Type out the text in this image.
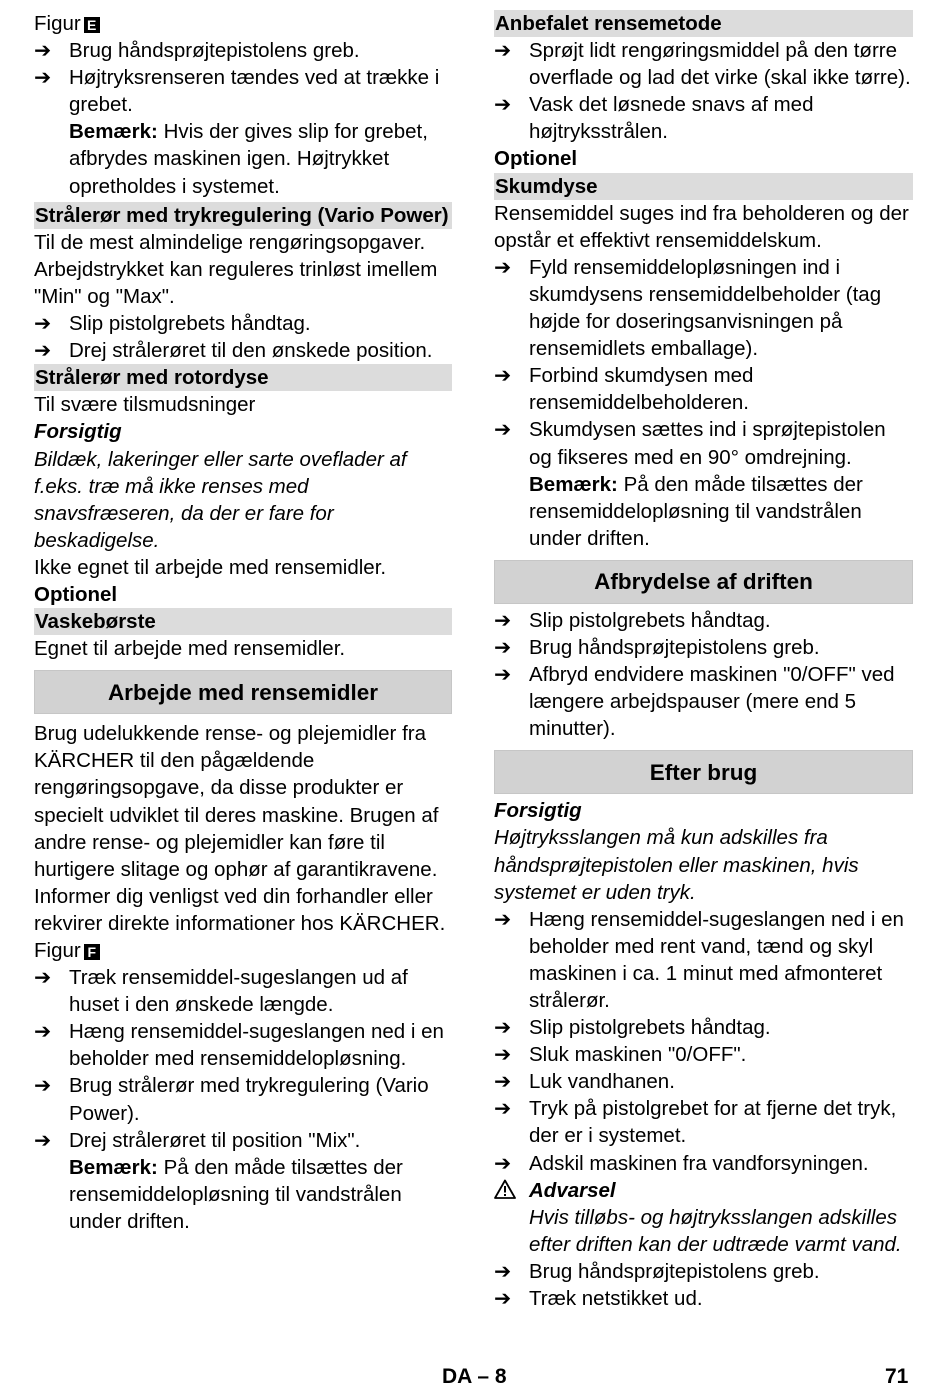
Figur E

➔ Brug håndsprøjtepistolens greb.

➔ Højtryksrenseren tændes ved at trække i grebet.

Bemærk: Hvis der gives slip for grebet, afbrydes maskinen igen. Højtrykket opretholdes i systemet.

Strålerør med trykregulering (Vario Power)

Til de mest almindelige rengøringsopgaver. Arbejdstrykket kan reguleres trinløst imellem "Min" og "Max".

➔ Slip pistolgrebets håndtag.

➔ Drej strålerøret til den ønskede position.

Strålerør med rotordyse

Til svære tilsmudsninger

Forsigtig

Bildæk, lakeringer eller sarte oveflader af f.eks. træ må ikke renses med snavsfræseren, da der er fare for beskadigelse.

Ikke egnet til arbejde med rensemidler.

Optionel

Vaskebørste

Egnet til arbejde med rensemidler.

Arbejde med rensemidler

Brug udelukkende rense- og plejemidler fra KÄRCHER til den pågældende rengøringsopgave, da disse produkter er specielt udviklet til deres maskine. Brugen af andre rense- og plejemidler kan føre til hurtigere slitage og ophør af garantikravene. Informer dig venligst ved din forhandler eller rekvirer direkte informationer hos KÄRCHER.

Figur F

➔ Træk rensemiddel-sugeslangen ud af huset i den ønskede længde.

➔ Hæng rensemiddel-sugeslangen ned i en beholder med rensemiddelopløsning.

➔ Brug strålerør med trykregulering (Vario Power).

➔ Drej strålerøret til position "Mix".

Bemærk: På den måde tilsættes der rensemiddelopløsning til vandstrålen under driften.

Anbefalet rensemetode

➔ Sprøjt lidt rengøringsmiddel på den tørre overflade og lad det virke (skal ikke tørre).

➔ Vask det løsnede snavs af med højtryksstrålen.

Optionel

Skumdyse

Rensemiddel suges ind fra beholderen og der opstår et effektivt rensemiddelskum.

➔ Fyld rensemiddelopløsningen ind i skumdysens rensemiddelbeholder (tag højde for doseringsanvisningen på rensemidlets emballage).

➔ Forbind skumdysen med rensemiddelbeholderen.

➔ Skumdysen sættes ind i sprøjtepistolen og fikseres med en 90° omdrejning.

Bemærk: På den måde tilsættes der rensemiddelopløsning til vandstrålen under driften.

Afbrydelse af driften

➔ Slip pistolgrebets håndtag.

➔ Brug håndsprøjtepistolens greb.

➔ Afbryd endvidere maskinen "0/OFF" ved længere arbejdspauser (mere end 5 minutter).

Efter brug

Forsigtig

Højtryksslangen må kun adskilles fra håndsprøjtepistolen eller maskinen, hvis systemet er uden tryk.

➔ Hæng rensemiddel-sugeslangen ned i en beholder med rent vand, tænd og skyl maskinen i ca. 1 minut med afmonteret strålerør.

➔ Slip pistolgrebets håndtag.

➔ Sluk maskinen "0/OFF".

➔ Luk vandhanen.

➔ Tryk på pistolgrebet for at fjerne det tryk, der er i systemet.

➔ Adskil maskinen fra vandforsyningen.

Advarsel

Hvis tilløbs- og højtryksslangen adskilles efter driften kan der udtræde varmt vand.

➔ Brug håndsprøjtepistolens greb.

➔ Træk netstikket ud.

DA – 8	71
